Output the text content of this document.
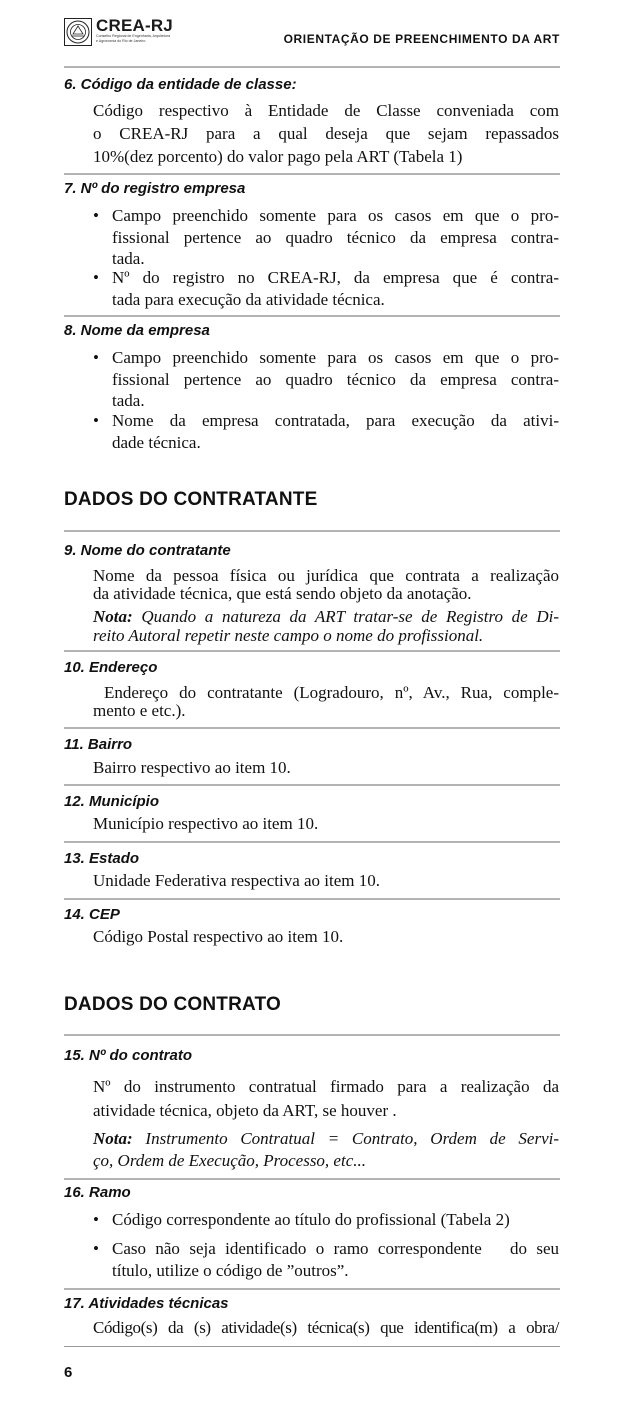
CREA-RJ
Conselho Regional de Engenharia, Arquitetura
e Agronomia do Rio de Janeiro	ORIENTAÇÃO DE PREENCHIMENTO DA ART
6. Código da entidade de classe:
Código respectivo à Entidade de Classe conveniada com
o CREA-RJ para a qual deseja que sejam repassados
10%(dez porcento) do valor pago pela ART (Tabela 1)
7. Nº do registro empresa
• Campo preenchido somente para os casos em que o pro-
fissional pertence ao quadro técnico da empresa contra-
tada.
• Nº do registro no CREA-RJ, da empresa que é contra-
tada para execução da atividade técnica.
8. Nome da empresa
• Campo preenchido somente para os casos em que o pro-
fissional pertence ao quadro técnico da empresa contra-
tada.
• Nome da empresa contratada, para execução da ativi-
dade técnica.
DADOS DO CONTRATANTE
9. Nome do contratante
Nome da pessoa física ou jurídica que contrata a realização
da atividade técnica, que está sendo objeto da anotação.
Nota: Quando a natureza da ART tratar-se de Registro de Di-
reito Autoral repetir neste campo o nome do profissional.
10. Endereço
Endereço do contratante (Logradouro, nº, Av., Rua, comple-
mento e etc.).
11. Bairro
Bairro respectivo ao item 10.
12. Município
Município respectivo ao item 10.
13. Estado
Unidade Federativa respectiva ao item 10.
14. CEP
Código Postal respectivo ao item 10.
DADOS DO CONTRATO
15. Nº do contrato
Nº do instrumento contratual firmado para a realização da
atividade técnica, objeto da ART, se houver .
Nota: Instrumento Contratual = Contrato, Ordem de Servi-
ço, Ordem de Execução, Processo, etc...
16. Ramo
• Código correspondente ao título do profissional (Tabela 2)
• Caso não seja identificado o ramo correspondente   do seu
título, utilize o código de ”outros”.
17. Atividades técnicas
Código(s) da (s) atividade(s) técnica(s) que identifica(m) a obra/
6
